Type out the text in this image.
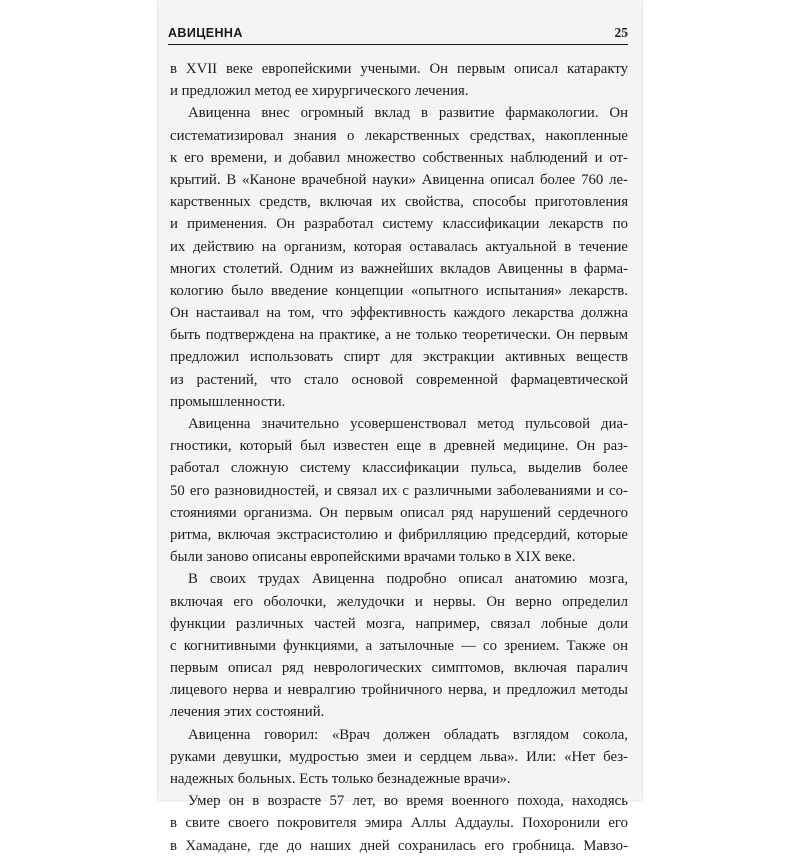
АВИЦЕННА	25
в XVII веке европейскими учеными. Он первым описал катаракту
и предложил метод ее хирургического лечения.
Авиценна внес огромный вклад в развитие фармакологии. Он
систематизировал знания о лекарственных средствах, накопленные
к его времени, и добавил множество собственных наблюдений и от-
крытий. В «Каноне врачебной науки» Авиценна описал более 760 ле-
карственных средств, включая их свойства, способы приготовления
и применения. Он разработал систему классификации лекарств по
их действию на организм, которая оставалась актуальной в течение
многих столетий. Одним из важнейших вкладов Авиценны в фарма-
кологию было введение концепции «опытного испытания» лекарств.
Он настаивал на том, что эффективность каждого лекарства должна
быть подтверждена на практике, а не только теоретически. Он первым
предложил использовать спирт для экстракции активных веществ
из растений, что стало основой современной фармацевтической
промышленности.
Авиценна значительно усовершенствовал метод пульсовой диа-
гностики, который был известен еще в древней медицине. Он раз-
работал сложную систему классификации пульса, выделив более
50 его разновидностей, и связал их с различными заболеваниями и со-
стояниями организма. Он первым описал ряд нарушений сердечного
ритма, включая экстрасистолию и фибрилляцию предсердий, которые
были заново описаны европейскими врачами только в XIX веке.
В своих трудах Авиценна подробно описал анатомию мозга,
включая его оболочки, желудочки и нервы. Он верно определил
функции различных частей мозга, например, связал лобные доли
с когнитивными функциями, а затылочные — со зрением. Также он
первым описал ряд неврологических симптомов, включая паралич
лицевого нерва и невралгию тройничного нерва, и предложил методы
лечения этих состояний.
Авиценна говорил: «Врач должен обладать взглядом сокола,
руками девушки, мудростью змеи и сердцем льва». Или: «Нет без-
надежных больных. Есть только безнадежные врачи».
Умер он в возрасте 57 лет, во время военного похода, находясь
в свите своего покровителя эмира Аллы Аддаулы. Похоронили его
в Хамадане, где до наших дней сохранилась его гробница. Мавзо-
